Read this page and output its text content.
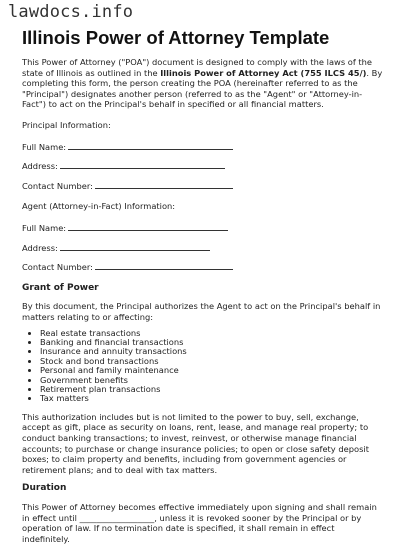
lawdocs.info
Illinois Power of Attorney Template

This Power of Attorney ("POA") document is designed to comply with the laws of the state of Illinois as outlined in the Illinois Power of Attorney Act (755 ILCS 45/). By completing this form, the person creating the POA (hereinafter referred to as the "Principal") designates another person (referred to as the "Agent" or "Attorney-in-Fact") to act on the Principal's behalf in specified or all financial matters.

Principal Information:

Full Name:

Address:

Contact Number:

Agent (Attorney-in-Fact) Information:

Full Name:

Address:

Contact Number:

Grant of Power

By this document, the Principal authorizes the Agent to act on the Principal's behalf in matters relating to or affecting:

• Real estate transactions
• Banking and financial transactions
• Insurance and annuity transactions
• Stock and bond transactions
• Personal and family maintenance
• Government benefits
• Retirement plan transactions
• Tax matters

This authorization includes but is not limited to the power to buy, sell, exchange, accept as gift, place as security on loans, rent, lease, and manage real property; to conduct banking transactions; to invest, reinvest, or otherwise manage financial accounts; to purchase or change insurance policies; to open or close safety deposit boxes; to claim property and benefits, including from government agencies or retirement plans; and to deal with tax matters.

Duration

This Power of Attorney becomes effective immediately upon signing and shall remain in effect until __________________, unless it is revoked sooner by the Principal or by operation of law. If no termination date is specified, it shall remain in effect indefinitely.
